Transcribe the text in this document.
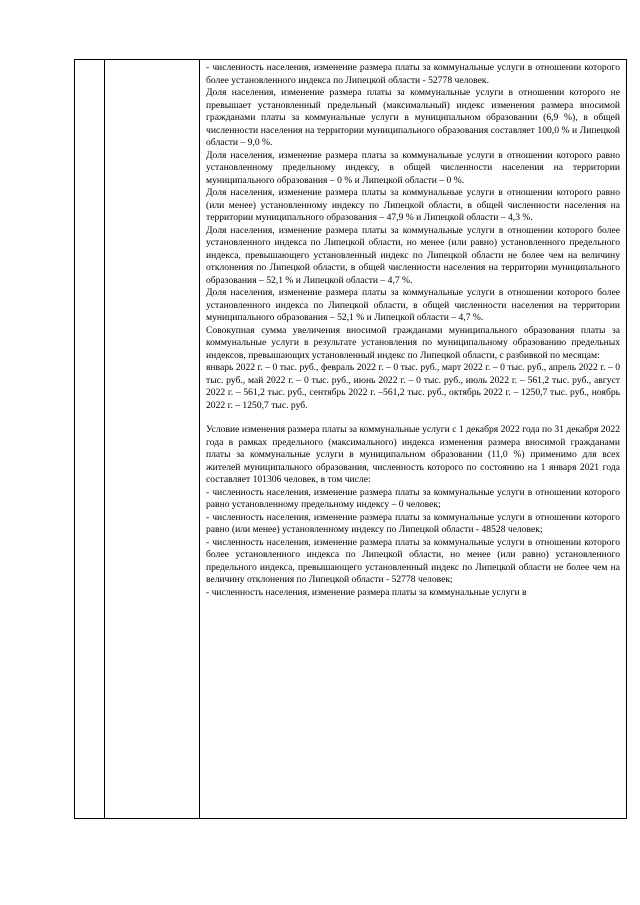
- численность населения, изменение размера платы за коммунальные услуги в отношении которого более установленного индекса по Липецкой области - 52778 человек.

Доля населения, изменение размера платы за коммунальные услуги в отношении которого не превышает установленный предельный (максимальный) индекс изменения размера вносимой гражданами платы за коммунальные услуги в муниципальном образовании (6,9 %), в общей численности населения на территории муниципального образования составляет 100,0 % и Липецкой области – 9,0 %.

Доля населения, изменение размера платы за коммунальные услуги в отношении которого равно установленному предельному индексу, в общей численности населения на территории муниципального образования – 0 % и Липецкой области – 0 %.

Доля населения, изменение размера платы за коммунальные услуги в отношении которого равно (или менее) установленному индексу по Липецкой области, в общей численности населения на территории муниципального образования – 47,9 % и Липецкой области – 4,3 %.

Доля населения, изменение размера платы за коммунальные услуги в отношении которого более установленного индекса по Липецкой области, но менее (или равно) установленного предельного индекса, превышающего установленный индекс по Липецкой области не более чем на величину отклонения по Липецкой области, в общей численности населения на территории муниципального образования – 52,1 % и Липецкой области – 4,7 %.

Доля населения, изменение размера платы за коммунальные услуги в отношении которого более установленного индекса по Липецкой области, в общей численности населения на территории муниципального образования – 52,1 % и Липецкой области – 4,7 %.

Совокупная сумма увеличения вносимой гражданами муниципального образования платы за коммунальные услуги в результате установления по муниципальному образованию предельных индексов, превышающих установленный индекс по Липецкой области, с разбивкой по месяцам:

январь 2022 г. – 0 тыс. руб., февраль 2022 г. – 0 тыс. руб., март 2022 г. – 0 тыс. руб., апрель 2022 г. – 0 тыс. руб., май 2022 г. – 0 тыс. руб., июнь 2022 г. – 0 тыс. руб., июль 2022 г. – 561,2 тыс. руб., август 2022 г. – 561,2 тыс. руб., сентябрь 2022 г. –561,2 тыс. руб., октябрь 2022 г. – 1250,7 тыс. руб., ноябрь 2022 г. – 1250,7 тыс. руб.

Условие изменения размера платы за коммунальные услуги с 1 декабря 2022 года по 31 декабря 2022 года в рамках предельного (максимального) индекса изменения размера вносимой гражданами платы за коммунальные услуги в муниципальном образовании (11,0 %) применимо для всех жителей муниципального образования, численность которого по состоянию на 1 января 2021 года составляет 101306 человек, в том числе:

- численность населения, изменение размера платы за коммунальные услуги в отношении которого равно установленному предельному индексу – 0 человек;

- численность населения, изменение размера платы за коммунальные услуги в отношении которого равно (или менее) установленному индексу по Липецкой области - 48528 человек;

- численность населения, изменение размера платы за коммунальные услуги в отношении которого более установленного индекса по Липецкой области, но менее (или равно) установленного предельного индекса, превышающего установленный индекс по Липецкой области не более чем на величину отклонения по Липецкой области - 52778 человек;

- численность населения, изменение размера платы за коммунальные услуги в
